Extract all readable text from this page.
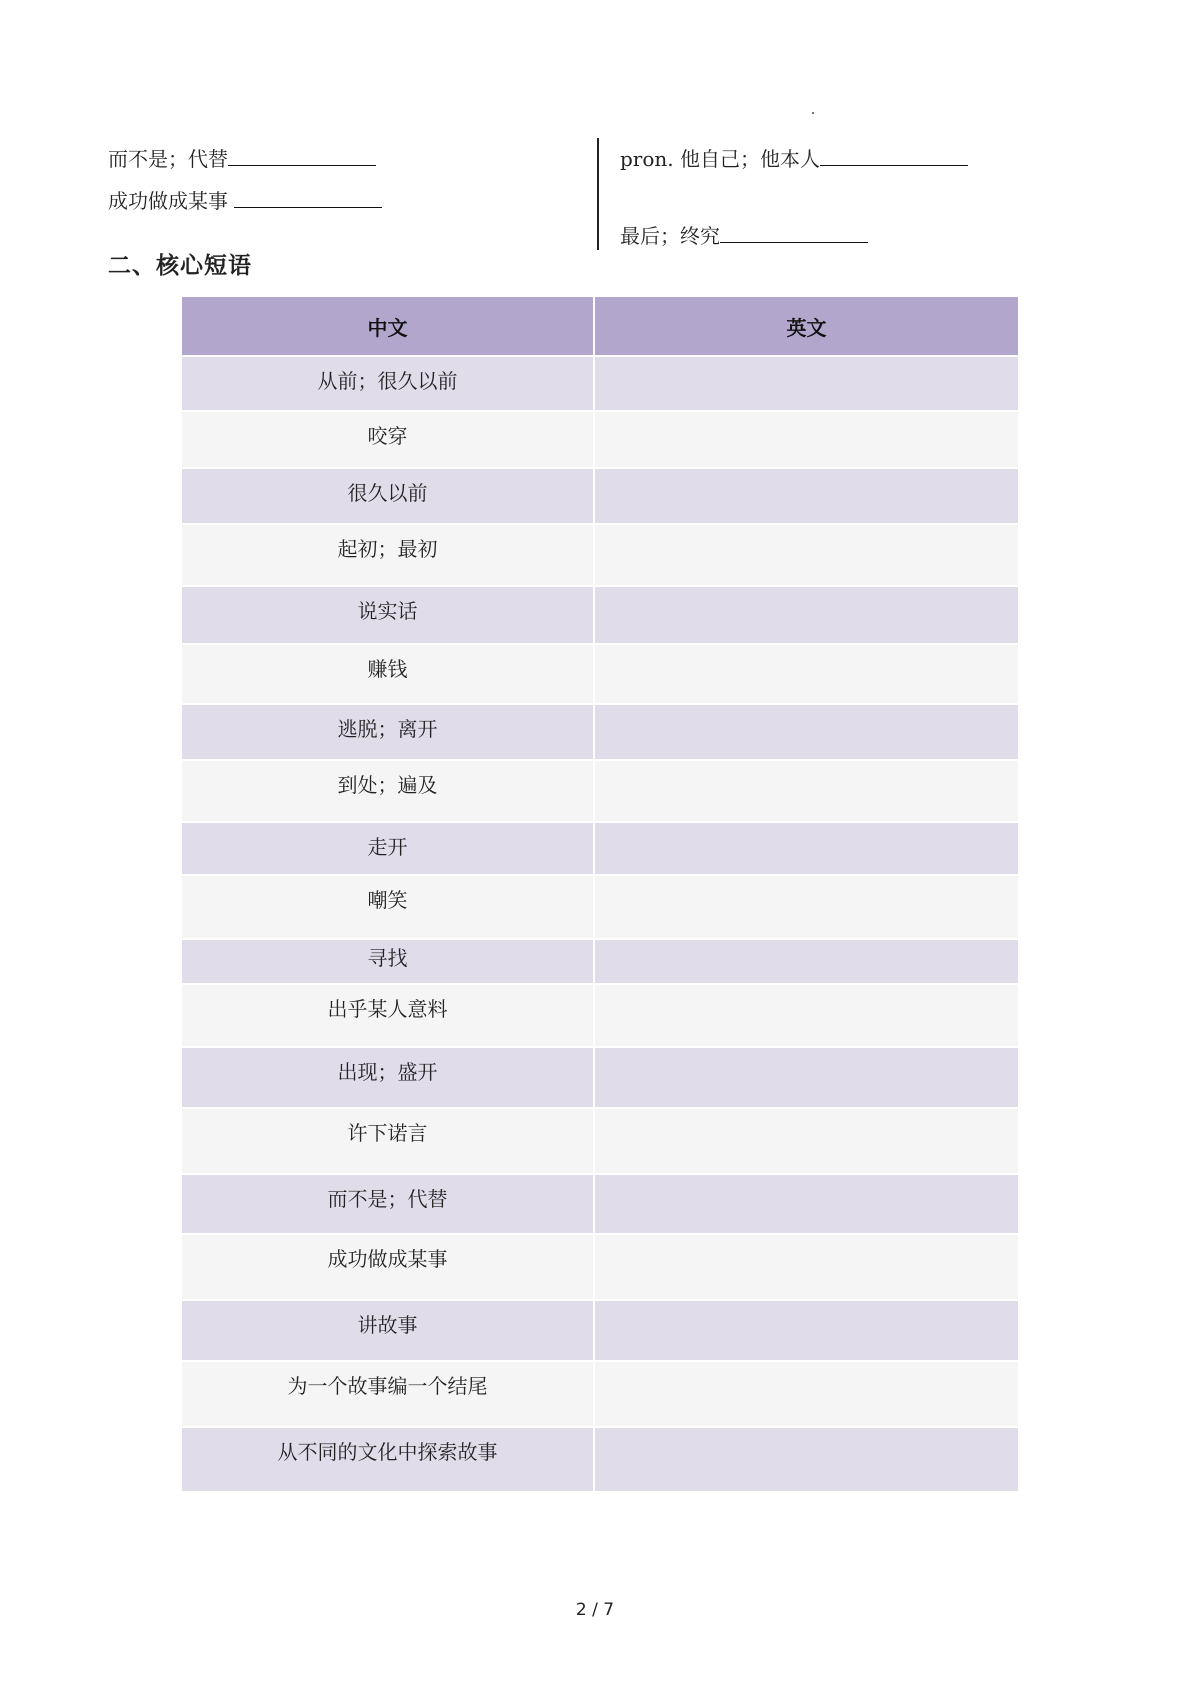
而不是；代替
成功做成某事
pron. 他自己；他本人
最后；终究
二、核心短语
中文	英文
从前；很久以前	
咬穿	
很久以前	
起初；最初	
说实话	
赚钱	
逃脱；离开	
到处；遍及	
走开	
嘲笑	
寻找	
出乎某人意料	
出现；盛开	
许下诺言	
而不是；代替	
成功做成某事	
讲故事	
为一个故事编一个结尾	
从不同的文化中探索故事	
2 / 7
